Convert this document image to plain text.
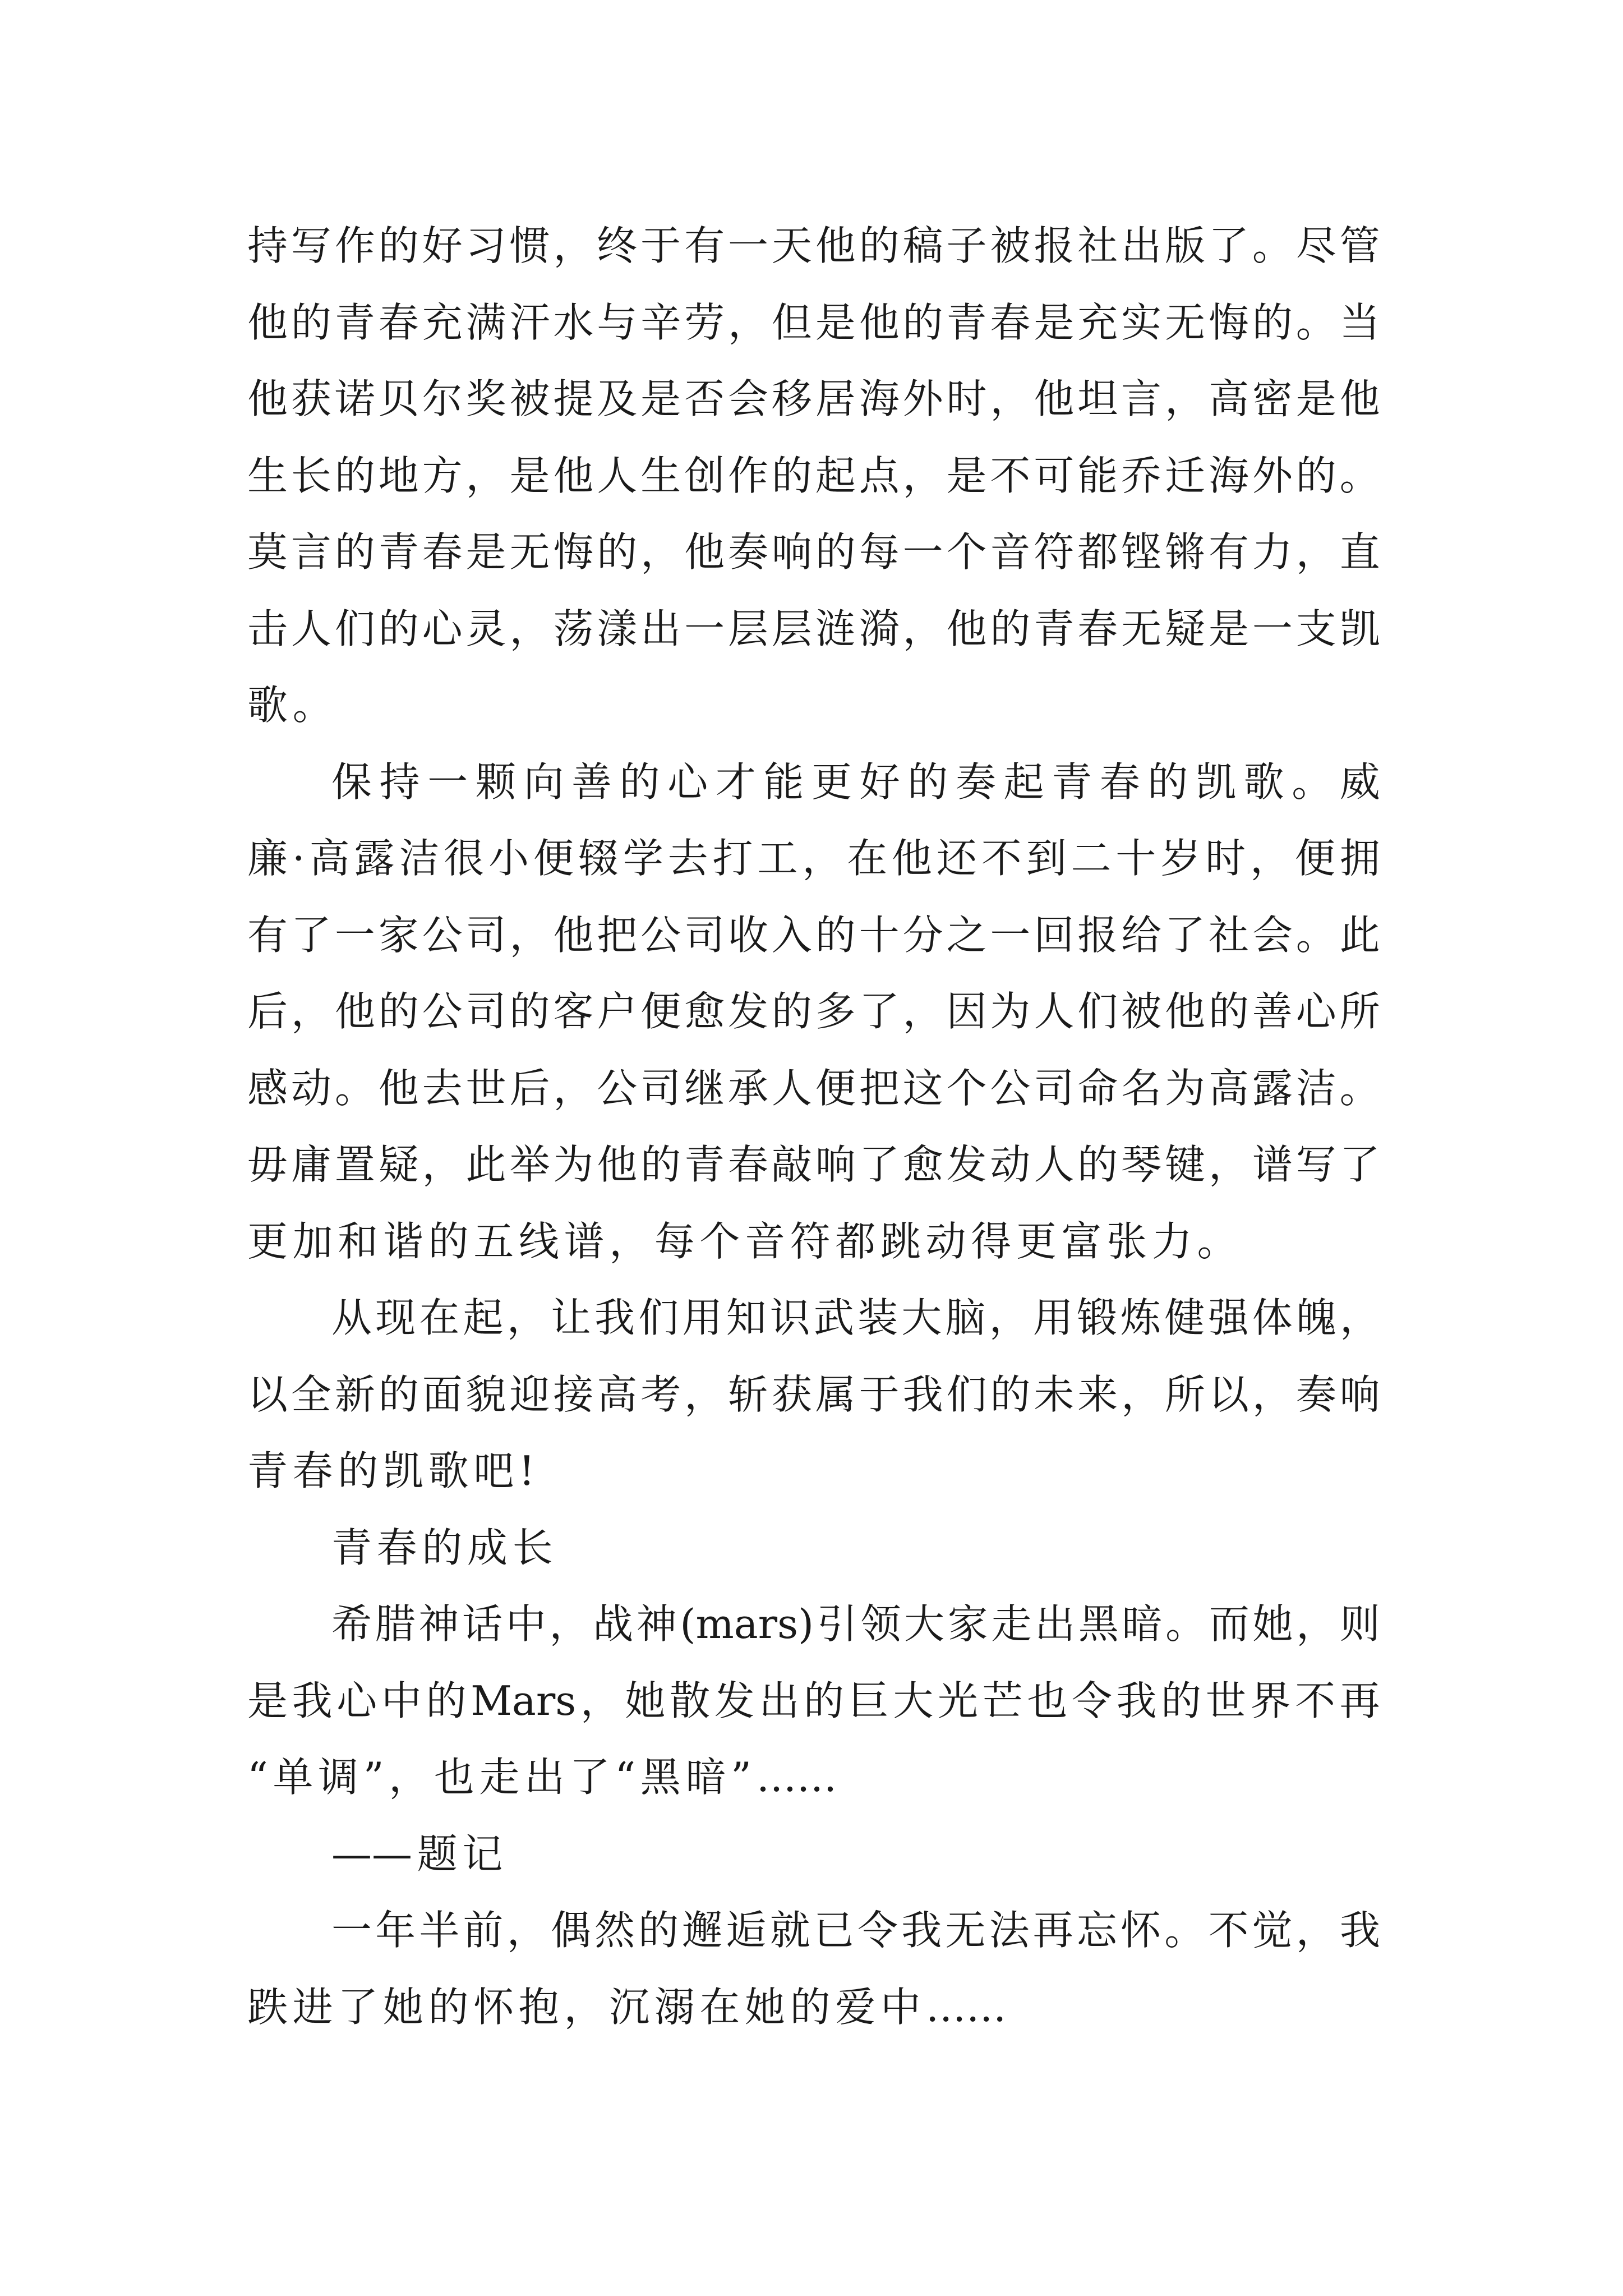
持 写 作 的 好 习 惯 ， 终 于 有 一 天 他 的 稿 子 被 报 社 出 版 了 。 尽 管
他 的 青 春 充 满 汗 水 与 辛 劳 ， 但 是 他 的 青 春 是 充 实 无 悔 的 。 当
他 获 诺 贝 尔 奖 被 提 及 是 否 会 移 居 海 外 时 ， 他 坦 言 ， 高 密 是 他
生 长 的 地 方 ， 是 他 人 生 创 作 的 起 点 ， 是 不 可 能 乔 迁 海 外 的 。
莫 言 的 青 春 是 无 悔 的 ， 他 奏 响 的 每 一 个 音 符 都 铿 锵 有 力 ， 直
击 人 们 的 心 灵 ， 荡 漾 出 一 层 层 涟 漪 ， 他 的 青 春 无 疑 是 一 支 凯
歌 。
保 持 一 颗 向 善 的 心 才 能 更 好 的 奏 起 青 春 的 凯 歌 。 威
廉 · 高 露 洁 很 小 便 辍 学 去 打 工 ， 在 他 还 不 到 二 十 岁 时 ， 便 拥
有 了 一 家 公 司 ， 他 把 公 司 收 入 的 十 分 之 一 回 报 给 了 社 会 。 此
后 ， 他 的 公 司 的 客 户 便 愈 发 的 多 了 ， 因 为 人 们 被 他 的 善 心 所
感 动 。 他 去 世 后 ， 公 司 继 承 人 便 把 这 个 公 司 命 名 为 高 露 洁 。
毋 庸 置 疑 ， 此 举 为 他 的 青 春 敲 响 了 愈 发 动 人 的 琴 键 ， 谱 写 了
更 加 和 谐 的 五 线 谱 ， 每 个 音 符 都 跳 动 得 更 富 张 力 。
从 现 在 起 ， 让 我 们 用 知 识 武 装 大 脑 ， 用 锻 炼 健 强 体 魄 ，
以 全 新 的 面 貌 迎 接 高 考 ， 斩 获 属 于 我 们 的 未 来 ， 所 以 ， 奏 响
青 春 的 凯 歌 吧 !
青 春 的 成 长
希 腊 神 话 中 ， 战 神 (mars) 引 领 大 家 走 出 黑 暗 。 而 她 ， 则
是 我 心 中 的 Mars ， 她 散 发 出 的 巨 大 光 芒 也 令 我 的 世 界 不 再
“ 单 调 ” ， 也 走 出 了 “ 黑 暗 ” ……
—— 题 记
一 年 半 前 ， 偶 然 的 邂 逅 就 已 令 我 无 法 再 忘 怀 。 不 觉 ， 我
跌 进 了 她 的 怀 抱 ， 沉 溺 在 她 的 爱 中 ……
